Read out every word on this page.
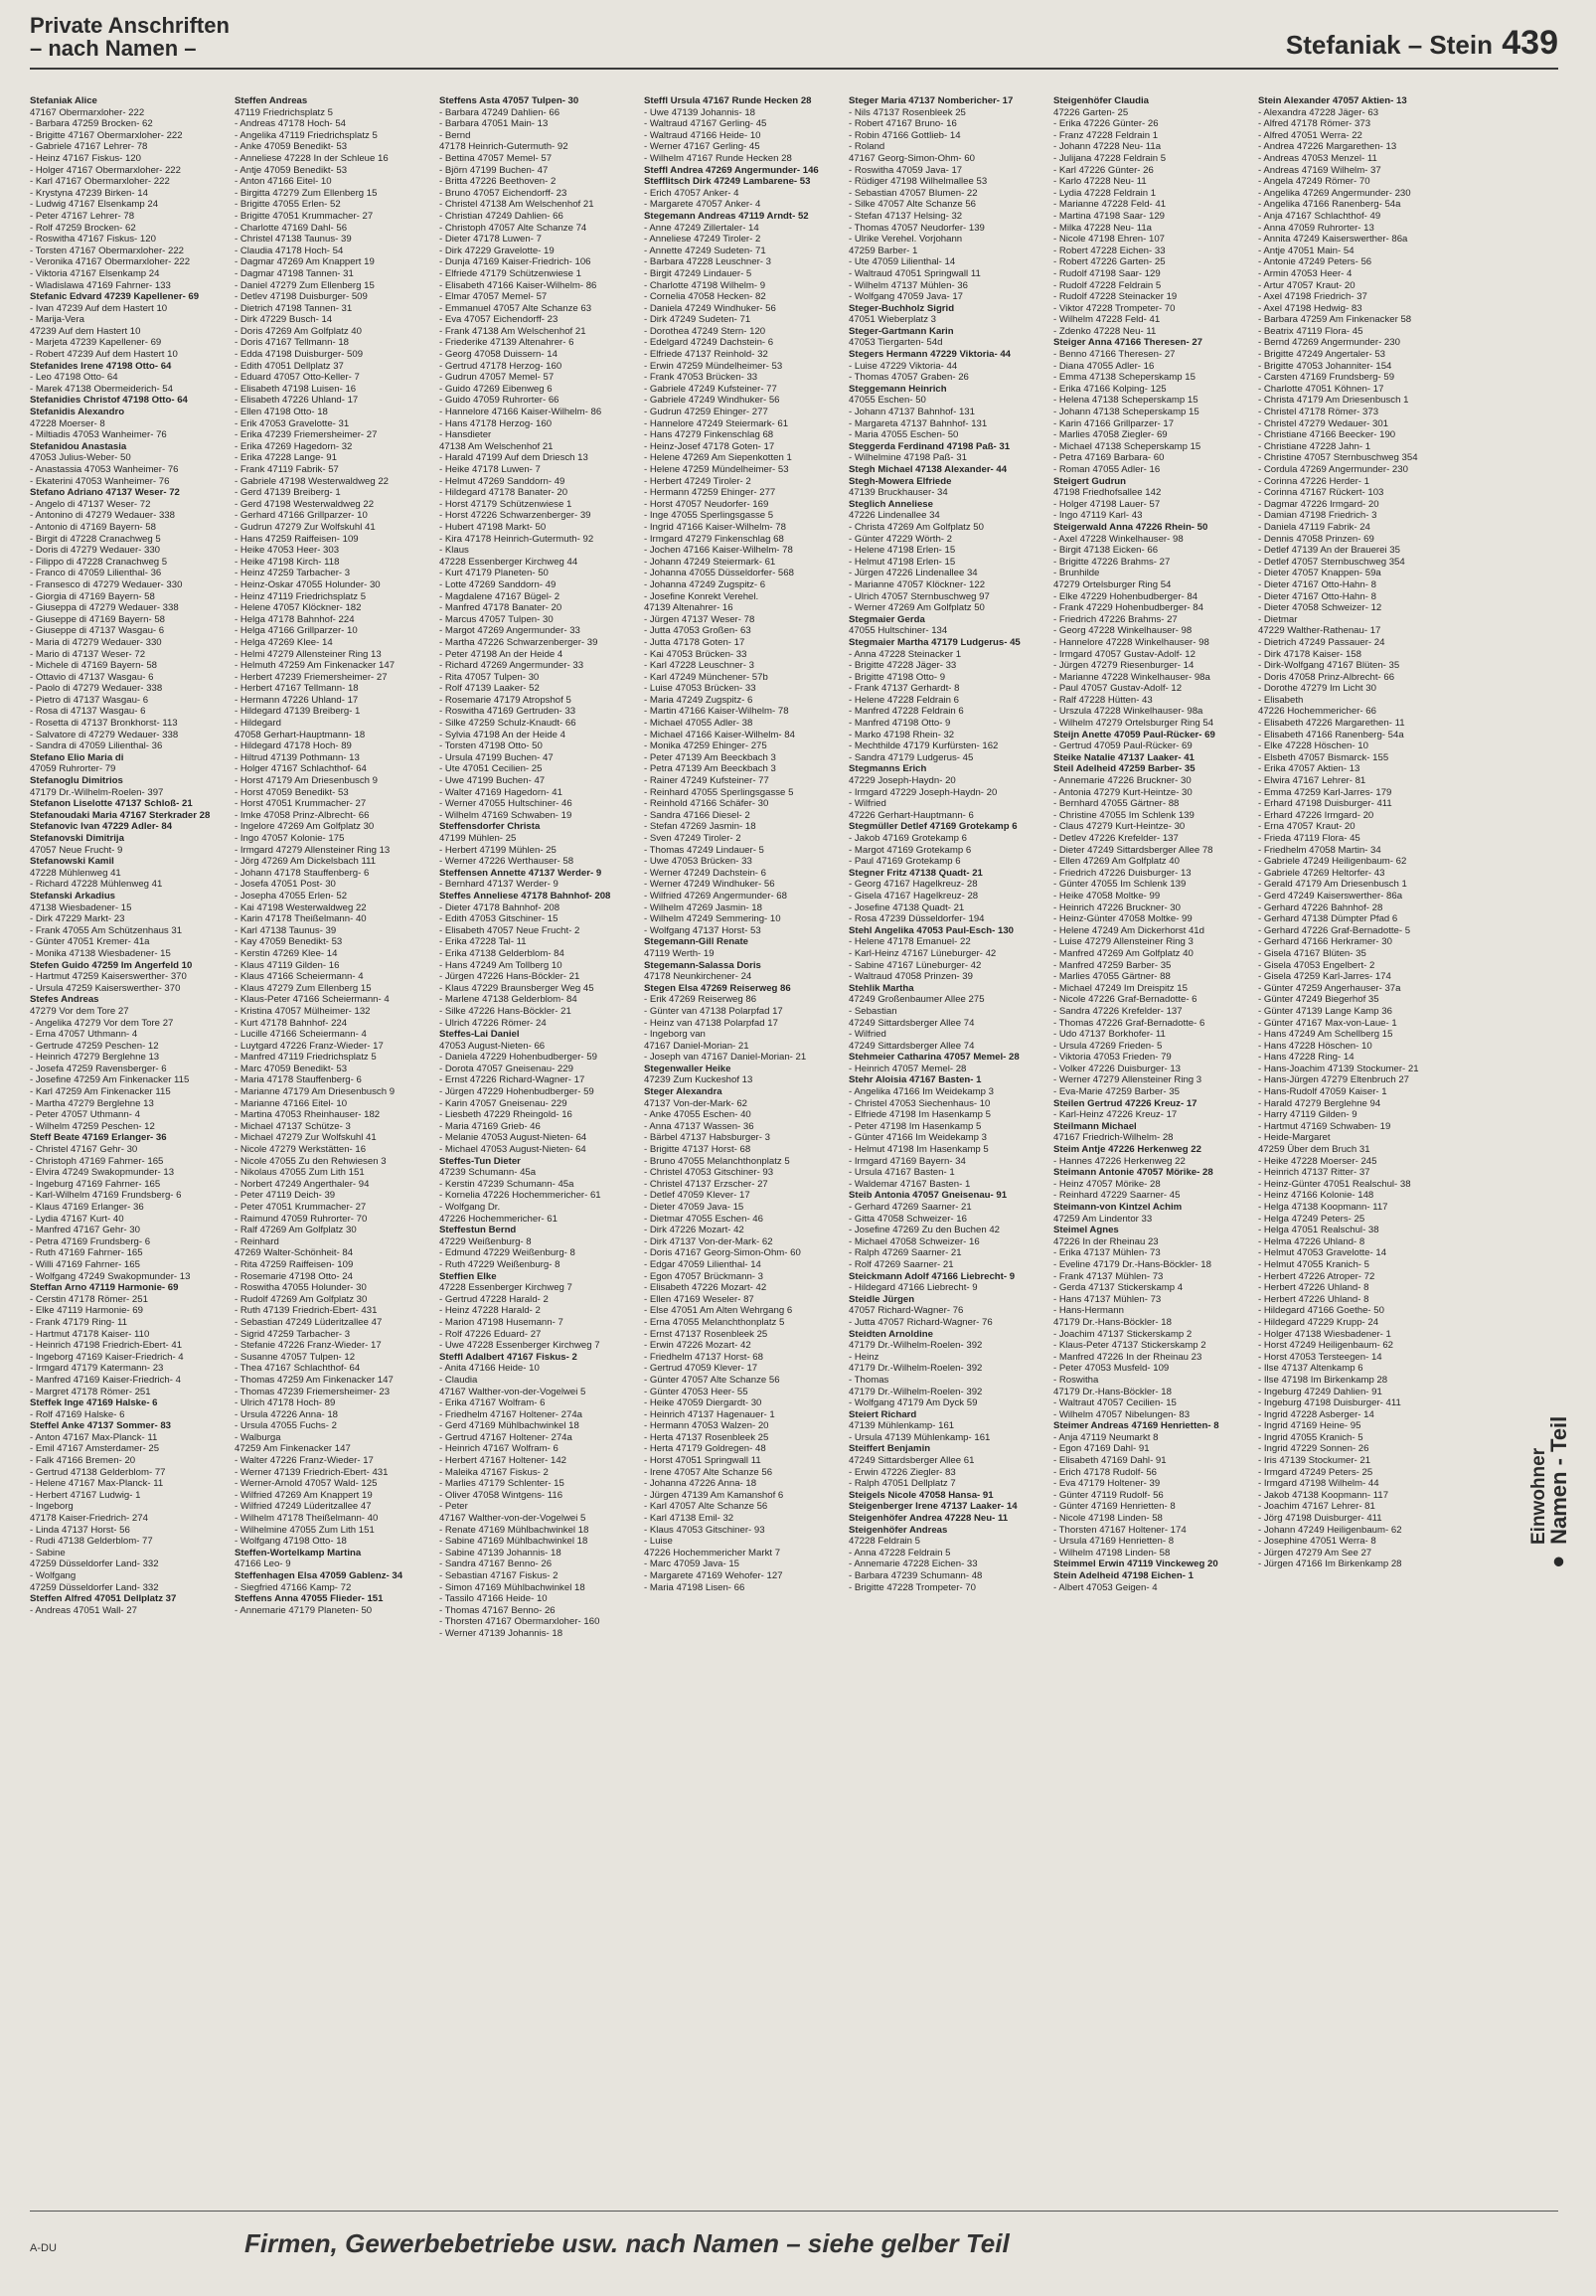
Private Anschriften
– nach Namen –	Stefaniak – Stein 439
Stefaniak Alice
47167 Obermarxloher- 222
- Barbara 47259 Brocken- 62
- Brigitte 47167 Obermarxloher- 222
- Gabriele 47167 Lehrer- 78
- Heinz 47167 Fiskus- 120
- Holger 47167 Obermarxloher- 222
- Karl 47167 Obermarxloher- 222
- Krystyna 47239 Birken- 14
- Ludwig 47167 Elsenkamp 24
- Peter 47167 Lehrer- 78
- Rolf 47259 Brocken- 62
- Roswitha 47167 Fiskus- 120
- Torsten 47167 Obermarxloher- 222
- Veronika 47167 Obermarxloher- 222
- Viktoria 47167 Elsenkamp 24
- Wladislawa 47169 Fahrner- 133
Stefanic Edvard 47239 Kapellener- 69
- Ivan 47239 Auf dem Hastert 10
- Marija-Vera
47239 Auf dem Hastert 10
- Marjeta 47239 Kapellener- 69
- Robert 47239 Auf dem Hastert 10
Stefanides Irene 47198 Otto- 64
- Leo 47198 Otto- 64
- Marek 47138 Obermeiderich- 54
Stefanidies Christof 47198 Otto- 64
Stefanidis Alexandro
47228 Moerser- 8
- Miltiadis 47053 Wanheimer- 76
Stefanidou Anastasia
47053 Julius-Weber- 50
- Anastassia 47053 Wanheimer- 76
- Ekaterini 47053 Wanheimer- 76
Stefano Adriano 47137 Weser- 72
- Angelo di 47137 Weser- 72
- Antonino di 47279 Wedauer- 338
- Antonio di 47169 Bayern- 58
- Birgit di 47228 Cranachweg 5
- Doris di 47279 Wedauer- 330
- Filippo di 47228 Cranachweg 5
- Franco di 47059 Lilienthal- 36
- Fransesco di 47279 Wedauer- 330
- Giorgia di 47169 Bayern- 58
- Giuseppa di 47279 Wedauer- 338
- Giuseppe di 47169 Bayern- 58
- Giuseppe di 47137 Wasgau- 6
- Maria di 47279 Wedauer- 330
- Mario di 47137 Weser- 72
- Michele di 47169 Bayern- 58
- Ottavio di 47137 Wasgau- 6
- Paolo di 47279 Wedauer- 338
- Pietro di 47137 Wasgau- 6
- Rosa di 47137 Wasgau- 6
- Rosetta di 47137 Bronkhorst- 113
- Salvatore di 47279 Wedauer- 338
- Sandra di 47059 Lilienthal- 36
Stefano Elio Maria di
47059 Ruhrorter- 79
Stefanoglu Dimitrios
47179 Dr.-Wilhelm-Roelen- 397
Stefanon Liselotte 47137 Schloß- 21
Stefanoudaki Maria 47167 Sterkrader 28
Stefanovic Ivan 47229 Adler- 84
Stefanovski Dimitrija
47057 Neue Frucht- 9
Stefanowski Kamil
47228 Mühlenweg 41
- Richard 47228 Mühlenweg 41
Stefanski Arkadius
47138 Wiesbadener- 15
- Dirk 47229 Markt- 23
- Frank 47055 Am Schützenhaus 31
- Günter 47051 Kremer- 41a
- Monika 47138 Wiesbadener- 15
Stefen Guido 47259 Im Angerfeld 10
- Hartmut 47259 Kaiserswerther- 370
- Ursula 47259 Kaiserswerther- 370
Stefes Andreas
47279 Vor dem Tore 27
- Angelika 47279 Vor dem Tore 27
- Erna 47057 Uthmann- 4
- Gertrude 47259 Peschen- 12
- Heinrich 47279 Berglehne 13
- Josefa 47259 Ravensberger- 6
- Josefine 47259 Am Finkenacker 115
- Karl 47259 Am Finkenacker 115
- Martha 47279 Berglehne 13
- Peter 47057 Uthmann- 4
- Wilhelm 47259 Peschen- 12
Steff Beate 47169 Erlanger- 36
- Christel 47167 Gehr- 30
- Christoph 47169 Fahrner- 165
- Elvira 47249 Swakopmunder- 13
- Ingeburg 47169 Fahrner- 165
- Karl-Wilhelm 47169 Frundsberg- 6
- Klaus 47169 Erlanger- 36
- Lydia 47167 Kurt- 40
- Manfred 47167 Gehr- 30
- Petra 47169 Frundsberg- 6
- Ruth 47169 Fahrner- 165
- Willi 47169 Fahrner- 165
- Wolfgang 47249 Swakopmunder- 13
Steffan Arno 47119 Harmonie- 69
- Cerstin 47178 Römer- 251
- Elke 47119 Harmonie- 69
- Frank 47179 Ring- 11
- Hartmut 47178 Kaiser- 110
- Heinrich 47198 Friedrich-Ebert- 41
- Ingeborg 47169 Kaiser-Friedrich- 4
- Irmgard 47179 Katermann- 23
- Manfred 47169 Kaiser-Friedrich- 4
- Margret 47178 Römer- 251
Steffek Inge 47169 Halske- 6
- Rolf 47169 Halske- 6
Steffel Anke 47137 Sommer- 83
- Anton 47167 Max-Planck- 11
- Emil 47167 Amsterdamer- 25
- Falk 47166 Bremen- 20
- Gertrud 47138 Gelderblom- 77
- Helene 47167 Max-Planck- 11
- Herbert 47167 Ludwig- 1
- Ingeborg
47178 Kaiser-Friedrich- 274
- Linda 47137 Horst- 56
- Rudi 47138 Gelderblom- 77
- Sabine
47259 Düsseldorfer Land- 332
- Wolfgang
47259 Düsseldorfer Land- 332
Steffen Alfred 47051 Dellplatz 37
- Andreas 47051 Wall- 27
Steffen Andreas
47119 Friedrichsplatz 5
- Andreas 47178 Hoch- 54
- Angelika 47119 Friedrichsplatz 5
- Anke 47059 Benedikt- 53
- Anneliese 47228 In der Schleue 16
- Antje 47059 Benedikt- 53
- Anton 47166 Eitel- 10
- Birgitta 47279 Zum Ellenberg 15
- Brigitte 47055 Erlen- 52
- Brigitte 47051 Krummacher- 27
- Charlotte 47169 Dahl- 56
- Christel 47138 Taunus- 39
- Claudia 47178 Hoch- 54
- Dagmar 47269 Am Knappert 19
- Dagmar 47198 Tannen- 31
- Daniel 47279 Zum Ellenberg 15
- Detlev 47198 Duisburger- 509
- Dietrich 47198 Tannen- 31
- Dirk 47229 Busch- 14
- Doris 47269 Am Golfplatz 40
- Doris 47167 Tellmann- 18
- Edda 47198 Duisburger- 509
- Edith 47051 Dellplatz 37
- Eduard 47057 Otto-Keller- 7
- Elisabeth 47198 Luisen- 16
- Elisabeth 47226 Uhland- 17
- Ellen 47198 Otto- 18
- Erik 47053 Gravelotte- 31
- Erika 47239 Friemersheimer- 27
- Erika 47269 Hagedorn- 32
- Erika 47228 Lange- 91
- Frank 47119 Fabrik- 57
- Gabriele 47198 Westerwaldweg 22
- Gerd 47139 Breiberg- 1
- Gerd 47198 Westerwaldweg 22
- Gerhard 47166 Grillparzer- 10
- Gudrun 47279 Zur Wolfskuhl 41
- Hans 47259 Raiffeisen- 109
- Heike 47053 Heer- 303
- Heike 47198 Kirch- 118
- Heinz 47259 Tarbacher- 3
- Heinz-Oskar 47055 Holunder- 30
- Heinz 47119 Friedrichsplatz 5
- Helene 47057 Klöckner- 182
- Helga 47178 Bahnhof- 224
- Helga 47166 Grillparzer- 10
- Helga 47269 Klee- 14
- Helmi 47279 Allensteiner Ring 13
- Helmuth 47259 Am Finkenacker 147
- Herbert 47239 Friemersheimer- 27
- Herbert 47167 Tellmann- 18
- Hermann 47226 Uhland- 17
- Hildegard 47139 Breiberg- 1
- Hildegard
47058 Gerhart-Hauptmann- 18
- Hildegard 47178 Hoch- 89
- Hiltrud 47139 Pothmann- 13
- Holger 47167 Schlachthof- 64
- Horst 47179 Am Driesenbusch 9
- Horst 47059 Benedikt- 53
- Horst 47051 Krummacher- 27
- Imke 47058 Prinz-Albrecht- 66
- Ingelore 47269 Am Golfplatz 30
- Ingo 47057 Kolonie- 175
- Irmgard 47279 Allensteiner Ring 13
- Jörg 47269 Am Dickelsbach 111
- Johann 47178 Stauffenberg- 6
- Josefa 47051 Post- 30
- Josepha 47055 Erlen- 52
- Kai 47198 Westerwaldweg 22
- Karin 47178 Theißelmann- 40
- Karl 47138 Taunus- 39
- Kay 47059 Benedikt- 53
- Kerstin 47269 Klee- 14
- Klaus 47119 Gilden- 16
- Klaus 47166 Scheiermann- 4
- Klaus 47279 Zum Ellenberg 15
- Klaus-Peter 47166 Scheiermann- 4
- Kristina 47057 Mülheimer- 132
- Kurt 47178 Bahnhof- 224
- Lucille 47166 Scheiermann- 4
- Luytgard 47226 Franz-Wieder- 17
- Manfred 47119 Friedrichsplatz 5
- Marc 47059 Benedikt- 53
- Maria 47178 Stauffenberg- 6
- Marianne 47179 Am Driesenbusch 9
- Marianne 47166 Eitel- 10
- Martina 47053 Rheinhauser- 182
- Michael 47137 Schütze- 3
- Michael 47279 Zur Wolfskuhl 41
- Nicole 47279 Werkstätten- 16
- Nicole 47055 Zu den Rehwiesen 3
- Nikolaus 47055 Zum Lith 151
- Norbert 47249 Angerthaler- 94
- Peter 47119 Deich- 39
- Peter 47051 Krummacher- 27
- Raimund 47059 Ruhrorter- 70
- Ralf 47269 Am Golfplatz 30
- Reinhard
47269 Walter-Schönheit- 84
- Rita 47259 Raiffeisen- 109
- Rosemarie 47198 Otto- 24
- Roswitha 47055 Holunder- 30
- Rudolf 47269 Am Golfplatz 30
- Ruth 47139 Friedrich-Ebert- 431
- Sebastian 47249 Lüderitzallee 47
- Sigrid 47259 Tarbacher- 3
- Stefanie 47226 Franz-Wieder- 17
- Susanne 47057 Tulpen- 12
- Thea 47167 Schlachthof- 64
- Thomas 47259 Am Finkenacker 147
- Thomas 47239 Friemersheimer- 23
- Ulrich 47178 Hoch- 89
- Ursula 47226 Anna- 18
- Ursula 47055 Fuchs- 2
- Walburga
47259 Am Finkenacker 147
- Walter 47226 Franz-Wieder- 17
- Werner 47139 Friedrich-Ebert- 431
- Werner-Arnold 47057 Wald- 125
- Wilfried 47269 Am Knappert 19
- Wilfried 47249 Lüderitzallee 47
- Wilhelm 47178 Theißelmann- 40
- Wilhelmine 47055 Zum Lith 151
- Wolfgang 47198 Otto- 18
Steffen-Wortelkamp Martina
47166 Leo- 9
Steffenhagen Elsa 47059 Gablenz- 34
- Siegfried 47166 Kamp- 72
Steffens Anna 47055 Flieder- 151
- Annemarie 47179 Planeten- 50
Steffens Asta 47057 Tulpen- 30
- Barbara 47249 Dahlien- 66
- Barbara 47051 Main- 13
- Bernd
47178 Heinrich-Gutermuth- 92
- Bettina 47057 Memel- 57
- Björn 47199 Buchen- 47
- Britta 47226 Beethoven- 2
- Bruno 47057 Eichendorff- 23
- Christel 47138 Am Welschenhof 21
- Christian 47249 Dahlien- 66
- Christoph 47057 Alte Schanze 74
- Dieter 47178 Luwen- 7
- Dirk 47229 Gravelotte- 19
- Dunja 47169 Kaiser-Friedrich- 106
- Elfriede 47179 Schützenwiese 1
- Elisabeth 47166 Kaiser-Wilhelm- 86
- Elmar 47057 Memel- 57
- Emmanuel 47057 Alte Schanze 63
- Eva 47057 Eichendorff- 23
- Frank 47138 Am Welschenhof 21
- Friederike 47139 Altenahrer- 6
- Georg 47058 Duissern- 14
- Gertrud 47178 Herzog- 160
- Gudrun 47057 Memel- 57
- Guido 47269 Eibenweg 6
- Guido 47059 Ruhrorter- 66
- Hannelore 47166 Kaiser-Wilhelm- 86
- Hans 47178 Herzog- 160
- Hansdieter
47138 Am Welschenhof 21
- Harald 47199 Auf dem Driesch 13
- Heike 47178 Luwen- 7
- Helmut 47269 Sanddorn- 49
- Hildegard 47178 Banater- 20
- Horst 47179 Schützenwiese 1
- Horst 47226 Schwarzenberger- 39
- Hubert 47198 Markt- 50
- Kira 47178 Heinrich-Gutermuth- 92
- Klaus
47228 Essenberger Kirchweg 44
- Kurt 47179 Planeten- 50
- Lotte 47269 Sanddorn- 49
- Magdalene 47167 Bügel- 2
- Manfred 47178 Banater- 20
- Marcus 47057 Tulpen- 30
- Margot 47269 Angermunder- 33
- Martha 47226 Schwarzenberger- 39
- Peter 47198 An der Heide 4
- Richard 47269 Angermunder- 33
- Rita 47057 Tulpen- 30
- Rolf 47139 Laaker- 52
- Rosemarie 47179 Atropshof 5
- Roswitha 47169 Gertruden- 33
- Silke 47259 Schulz-Knaudt- 66
- Sylvia 47198 An der Heide 4
- Torsten 47198 Otto- 50
- Ursula 47199 Buchen- 47
- Ute 47051 Cecilien- 25
- Uwe 47199 Buchen- 47
- Walter 47169 Hagedorn- 41
- Werner 47055 Hultschiner- 46
- Wilhelm 47169 Schwaben- 19
Steffensdorfer Christa
47199 Mühlen- 25
- Herbert 47199 Mühlen- 25
- Werner 47226 Werthauser- 58
Steffensen Annette 47137 Werder- 9
- Bernhard 47137 Werder- 9
Steffes Anneliese 47178 Bahnhof- 208
- Dieter 47178 Bahnhof- 208
- Edith 47053 Gitschiner- 15
- Elisabeth 47057 Neue Frucht- 2
- Erika 47228 Tal- 11
- Erika 47138 Gelderblom- 84
- Hans 47249 Am Tollberg 10
- Jürgen 47226 Hans-Böckler- 21
- Klaus 47229 Braunsberger Weg 45
- Marlene 47138 Gelderblom- 84
- Silke 47226 Hans-Böckler- 21
- Ulrich 47226 Römer- 24
Steffes-Lai Daniel
47053 August-Nieten- 66
- Daniela 47229 Hohenbudberger- 59
- Dorota 47057 Gneisenau- 229
- Ernst 47226 Richard-Wagner- 17
- Jürgen 47229 Hohenbudberger- 59
- Karin 47057 Gneisenau- 229
- Liesbeth 47229 Rheingold- 16
- Maria 47169 Grieb- 46
- Melanie 47053 August-Nieten- 64
- Michael 47053 August-Nieten- 64
Steffes-Tun Dieter
47239 Schumann- 45a
- Kerstin 47239 Schumann- 45a
- Kornelia 47226 Hochemmericher- 61
- Wolfgang Dr.
47226 Hochemmericher- 61
Steffestun Bernd
47229 Weißenburg- 8
- Edmund 47229 Weißenburg- 8
- Ruth 47229 Weißenburg- 8
Steffien Elke
47228 Essenberger Kirchweg 7
- Gertrud 47228 Harald- 2
- Heinz 47228 Harald- 2
- Marion 47198 Husemann- 7
- Rolf 47226 Eduard- 27
- Uwe 47228 Essenberger Kirchweg 7
Steffl Adalbert 47167 Fiskus- 2
- Anita 47166 Heide- 10
- Claudia
47167 Walther-von-der-Vogelwei 5
- Erika 47167 Wolfram- 6
- Friedhelm 47167 Holtener- 274a
- Gerd 47169 Mühlbachwinkel 18
- Gertrud 47167 Holtener- 274a
- Heinrich 47167 Wolfram- 6
- Herbert 47167 Holtener- 142
- Maleika 47167 Fiskus- 2
- Marlies 47179 Schlenter- 15
- Oliver 47058 Wintgens- 116
- Peter
47167 Walther-von-der-Vogelwei 5
- Renate 47169 Mühlbachwinkel 18
- Sabine 47169 Mühlbachwinkel 18
- Sabine 47139 Johannis- 18
- Sandra 47167 Benno- 26
- Sebastian 47167 Fiskus- 2
- Simon 47169 Mühlbachwinkel 18
- Tassilo 47166 Heide- 10
- Thomas 47167 Benno- 26
- Thorsten 47167 Obermarxloher- 160
- Werner 47139 Johannis- 18
Steffl Ursula 47167 Runde Hecken 28
- Uwe 47139 Johannis- 18
- Waltraud 47167 Gerling- 45
- Waltraud 47166 Heide- 10
- Werner 47167 Gerling- 45
- Wilhelm 47167 Runde Hecken 28
Steffl Andrea 47269 Angermunder- 146
Stefflitsch Dirk 47249 Lambarene- 53
- Erich 47057 Anker- 4
- Margarete 47057 Anker- 4
Stegemann Andreas 47119 Arndt- 52
- Anne 47249 Zillertaler- 14
- Anneliese 47249 Tiroler- 2
- Annette 47249 Sudeten- 71
- Barbara 47228 Leuschner- 3
- Birgit 47249 Lindauer- 5
- Charlotte 47198 Wilhelm- 9
- Cornelia 47058 Hecken- 82
- Daniela 47249 Windhuker- 56
- Dirk 47249 Sudeten- 71
- Dorothea 47249 Stern- 120
- Edelgard 47249 Dachstein- 6
- Elfriede 47137 Reinhold- 32
- Erwin 47259 Mündelheimer- 53
- Frank 47053 Brücken- 33
- Gabriele 47249 Kufsteiner- 77
- Gabriele 47249 Windhuker- 56
- Gudrun 47259 Ehinger- 277
- Hannelore 47249 Steiermark- 61
- Hans 47279 Finkenschlag 68
- Heinz-Josef 47178 Goten- 17
- Helene 47269 Am Siepenkotten 1
- Helene 47259 Mündelheimer- 53
- Herbert 47249 Tiroler- 2
- Hermann 47259 Ehinger- 277
- Horst 47057 Neudorfer- 169
- Inge 47055 Sperlingsgasse 5
- Ingrid 47166 Kaiser-Wilhelm- 78
- Irmgard 47279 Finkenschlag 68
- Jochen 47166 Kaiser-Wilhelm- 78
- Johann 47249 Steiermark- 61
- Johanna 47055 Düsseldorfer- 568
- Johanna 47249 Zugspitz- 6
- Josefine Konrekt Verehel.
47139 Altenahrer- 16
- Jürgen 47137 Weser- 78
- Jutta 47053 Großen- 63
- Jutta 47178 Goten- 17
- Kai 47053 Brücken- 33
- Karl 47228 Leuschner- 3
- Karl 47249 Münchener- 57b
- Luise 47053 Brücken- 33
- Maria 47249 Zugspitz- 6
- Martin 47166 Kaiser-Wilhelm- 78
- Michael 47055 Adler- 38
- Michael 47166 Kaiser-Wilhelm- 84
- Monika 47259 Ehinger- 275
- Peter 47139 Am Beeckbach 3
- Petra 47139 Am Beeckbach 3
- Rainer 47249 Kufsteiner- 77
- Reinhard 47055 Sperlingsgasse 5
- Reinhold 47166 Schäfer- 30
- Sandra 47166 Diesel- 2
- Stefan 47269 Jasmin- 18
- Sven 47249 Tiroler- 2
- Thomas 47249 Lindauer- 5
- Uwe 47053 Brücken- 33
- Werner 47249 Dachstein- 6
- Werner 47249 Windhuker- 56
- Wilfried 47269 Angermunder- 68
- Wilhelm 47269 Jasmin- 18
- Wilhelm 47249 Semmering- 10
- Wolfgang 47137 Horst- 53
Stegemann-Gill Renate
47119 Werth- 19
Stegemann-Salassa Doris
47178 Neunkirchener- 24
Stegen Elsa 47269 Reiserweg 86
- Erik 47269 Reiserweg 86
- Günter van 47138 Polarpfad 17
- Heinz van 47138 Polarpfad 17
- Ingeborg van
47167 Daniel-Morian- 21
- Joseph van 47167 Daniel-Morian- 21
Stegenwaller Heike
47239 Zum Kuckeshof 13
Steger Alexandra
47137 Von-der-Mark- 62
- Anke 47055 Eschen- 40
- Anna 47137 Wassen- 36
- Bärbel 47137 Habsburger- 3
- Brigitte 47137 Horst- 68
- Bruno 47055 Melanchthonplatz 5
- Christel 47053 Gitschiner- 93
- Christel 47137 Erzscher- 27
- Detlef 47059 Klever- 17
- Dieter 47059 Java- 15
- Dietmar 47055 Eschen- 46
- Dirk 47226 Mozart- 42
- Dirk 47137 Von-der-Mark- 62
- Doris 47167 Georg-Simon-Ohm- 60
- Edgar 47059 Lilienthal- 14
- Egon 47057 Brückmann- 3
- Elisabeth 47226 Mozart- 42
- Ellen 47169 Weseler- 87
- Else 47051 Am Alten Wehrgang 6
- Erna 47055 Melanchthonplatz 5
- Ernst 47137 Rosenbleek 25
- Erwin 47226 Mozart- 42
- Friedhelm 47137 Horst- 68
- Gertrud 47059 Klever- 17
- Günter 47057 Alte Schanze 56
- Günter 47053 Heer- 55
- Heike 47059 Diergardt- 30
- Heinrich 47137 Hagenauer- 1
- Hermann 47053 Walzen- 20
- Herta 47137 Rosenbleek 25
- Herta 47179 Goldregen- 48
- Horst 47051 Springwall 11
- Irene 47057 Alte Schanze 56
- Johanna 47226 Anna- 18
- Jürgen 47139 Am Kamanshof 6
- Karl 47057 Alte Schanze 56
- Karl 47138 Emil- 32
- Klaus 47053 Gitschiner- 93
- Luise
47226 Hochemmericher Markt 7
- Marc 47059 Java- 15
- Margarete 47169 Wehofer- 127
- Maria 47198 Lisen- 66
Steger Maria 47137 Nombericher- 17
- Nils 47137 Rosenbleek 25
- Robert 47167 Bruno- 16
- Robin 47166 Gottlieb- 14
- Roland
47167 Georg-Simon-Ohm- 60
- Roswitha 47059 Java- 17
- Rüdiger 47198 Wilhelmallee 53
- Sebastian 47057 Blumen- 22
- Silke 47057 Alte Schanze 56
- Stefan 47137 Helsing- 32
- Thomas 47057 Neudorfer- 139
- Ulrike Verehel. Vorjohann
47259 Barber- 1
- Ute 47059 Lilienthal- 14
- Waltraud 47051 Springwall 11
- Wilhelm 47137 Mühlen- 36
- Wolfgang 47059 Java- 17
Steger-Buchholz Sigrid
47051 Wieberplatz 3
Steger-Gartmann Karin
47053 Tiergarten- 54d
Stegers Hermann 47229 Viktoria- 44
- Luise 47229 Viktoria- 44
- Thomas 47057 Graben- 26
Steggemann Heinrich
47055 Eschen- 50
- Johann 47137 Bahnhof- 131
- Margareta 47137 Bahnhof- 131
- Maria 47055 Eschen- 50
Steggerda Ferdinand 47198 Paß- 31
- Wilhelmine 47198 Paß- 31
Stegh Michael 47138 Alexander- 44
Stegh-Mowera Elfriede
47139 Bruckhauser- 34
Steglich Anneliese
47226 Lindenallee 34
- Christa 47269 Am Golfplatz 50
- Günter 47229 Wörth- 2
- Helene 47198 Erlen- 15
- Helmut 47198 Erlen- 15
- Jürgen 47226 Lindenallee 34
- Marianne 47057 Klöckner- 122
- Ulrich 47057 Sternbuschweg 97
- Werner 47269 Am Golfplatz 50
Stegmaier Gerda
47055 Hultschiner- 134
Stegmaier Martha 47179 Ludgerus- 45
- Anna 47228 Steinacker 1
- Brigitte 47228 Jäger- 33
- Brigitte 47198 Otto- 9
- Frank 47137 Gerhardt- 8
- Helene 47228 Feldrain 6
- Manfred 47228 Feldrain 6
- Manfred 47198 Otto- 9
- Marko 47198 Rhein- 32
- Mechthilde 47179 Kurfürsten- 162
- Sandra 47179 Ludgerus- 45
Stegmanns Erich
47229 Joseph-Haydn- 20
- Irmgard 47229 Joseph-Haydn- 20
- Wilfried
47226 Gerhart-Hauptmann- 6
Stegmüller Detlef 47169 Grotekamp 6
- Jakob 47169 Grotekamp 6
- Margot 47169 Grotekamp 6
- Paul 47169 Grotekamp 6
Stegner Fritz 47138 Quadt- 21
- Georg 47167 Hagelkreuz- 28
- Gisela 47167 Hagelkreuz- 28
- Josefine 47138 Quadt- 21
- Rosa 47239 Düsseldorfer- 194
Stehl Angelika 47053 Paul-Esch- 130
- Helene 47178 Emanuel- 22
- Karl-Heinz 47167 Lüneburger- 42
- Sabine 47167 Lüneburger- 42
- Waltraud 47058 Prinzen- 39
Stehlik Martha
47249 Großenbaumer Allee 275
- Sebastian
47249 Sittardsberger Allee 74
- Wilfried
47249 Sittardsberger Allee 74
Stehmeier Catharina 47057 Memel- 28
- Heinrich 47057 Memel- 28
Stehr Aloisia 47167 Basten- 1
- Angelika 47166 Im Weidekamp 3
- Christel 47053 Siechenhaus- 10
- Elfriede 47198 Im Hasenkamp 5
- Peter 47198 Im Hasenkamp 5
- Günter 47166 Im Weidekamp 3
- Helmut 47198 Im Hasenkamp 5
- Irmgard 47169 Bayern- 34
- Ursula 47167 Basten- 1
- Waldemar 47167 Basten- 1
Steib Antonia 47057 Gneisenau- 91
- Gerhard 47269 Saarner- 21
- Gitta 47058 Schweizer- 16
- Josefine 47269 Zu den Buchen 42
- Michael 47058 Schweizer- 16
- Ralph 47269 Saarner- 21
- Rolf 47269 Saarner- 21
Steickmann Adolf 47166 Liebrecht- 9
- Hildegard 47166 Liebrecht- 9
Steidle Jürgen
47057 Richard-Wagner- 76
- Jutta 47057 Richard-Wagner- 76
Steidten Arnoldine
47179 Dr.-Wilhelm-Roelen- 392
- Heinz
47179 Dr.-Wilhelm-Roelen- 392
- Thomas
47179 Dr.-Wilhelm-Roelen- 392
- Wolfgang 47179 Am Dyck 59
Steiert Richard
47139 Mühlenkamp- 161
- Ursula 47139 Mühlenkamp- 161
Steiffert Benjamin
47249 Sittardsberger Allee 61
- Erwin 47226 Ziegler- 83
- Ralph 47051 Dellplatz 7
Steigels Nicole 47058 Hansa- 91
Steigenberger Irene 47137 Laaker- 14
Steigenhöfer Andrea 47228 Neu- 11
Steigenhöfer Andreas
47228 Feldrain 5
- Anna 47228 Feldrain 5
- Annemarie 47228 Eichen- 33
- Barbara 47239 Schumann- 48
- Brigitte 47228 Trompeter- 70
Steigenhöfer Claudia
47226 Garten- 25
- Erika 47226 Günter- 26
- Franz 47228 Feldrain 1
- Johann 47228 Neu- 11a
- Julijana 47228 Feldrain 5
- Karl 47226 Günter- 26
- Karlo 47228 Neu- 11
- Lydia 47228 Feldrain 1
- Marianne 47228 Feld- 41
- Martina 47198 Saar- 129
- Milka 47228 Neu- 11a
- Nicole 47198 Ehren- 107
- Robert 47228 Eichen- 33
- Robert 47226 Garten- 25
- Rudolf 47198 Saar- 129
- Rudolf 47228 Feldrain 5
- Rudolf 47228 Steinacker 19
- Viktor 47228 Trompeter- 70
- Wilhelm 47228 Feld- 41
- Zdenko 47228 Neu- 11
Steiger Anna 47166 Theresen- 27
- Benno 47166 Theresen- 27
- Diana 47055 Adler- 16
- Emma 47138 Scheperskamp 15
- Erika 47166 Kolping- 125
- Helena 47138 Scheperskamp 15
- Johann 47138 Scheperskamp 15
- Karin 47166 Grillparzer- 17
- Marlies 47058 Ziegler- 69
- Michael 47138 Scheperskamp 15
- Petra 47169 Barbara- 60
- Roman 47055 Adler- 16
Steigert Gudrun
47198 Friedhofsallee 142
- Holger 47198 Lauer- 57
- Ingo 47119 Karl- 43
Steigerwald Anna 47226 Rhein- 50
- Axel 47228 Winkelhauser- 98
- Birgit 47138 Eicken- 66
- Brigitte 47226 Brahms- 27
- Brunhilde
47279 Ortelsburger Ring 54
- Elke 47229 Hohenbudberger- 84
- Frank 47229 Hohenbudberger- 84
- Friedrich 47226 Brahms- 27
- Georg 47228 Winkelhauser- 98
- Hannelore 47228 Winkelhauser- 98
- Irmgard 47057 Gustav-Adolf- 12
- Jürgen 47279 Riesenburger- 14
- Marianne 47228 Winkelhauser- 98a
- Paul 47057 Gustav-Adolf- 12
- Ralf 47228 Hütten- 43
- Urszula 47228 Winkelhauser- 98a
- Wilhelm 47279 Ortelsburger Ring 54
Steijn Anette 47059 Paul-Rücker- 69
- Gertrud 47059 Paul-Rücker- 69
Steike Natalie 47137 Laaker- 41
Steil Adelheid 47259 Barber- 35
- Annemarie 47226 Bruckner- 30
- Antonia 47279 Kurt-Heintze- 30
- Bernhard 47055 Gärtner- 88
- Christine 47055 Im Schlenk 139
- Claus 47279 Kurt-Heintze- 30
- Detlev 47226 Krefelder- 137
- Dieter 47249 Sittardsberger Allee 78
- Ellen 47269 Am Golfplatz 40
- Friedrich 47226 Duisburger- 13
- Günter 47055 Im Schlenk 139
- Heike 47058 Moltke- 99
- Heinrich 47226 Bruckner- 30
- Heinz-Günter 47058 Moltke- 99
- Helene 47249 Am Dickerhorst 41d
- Luise 47279 Allensteiner Ring 3
- Manfred 47269 Am Golfplatz 40
- Manfred 47259 Barber- 35
- Marlies 47055 Gärtner- 88
- Michael 47249 Im Dreispitz 15
- Nicole 47226 Graf-Bernadotte- 6
- Sandra 47226 Krefelder- 137
- Thomas 47226 Graf-Bernadotte- 6
- Udo 47137 Borkhofer- 11
- Ursula 47269 Frieden- 5
- Viktoria 47053 Frieden- 79
- Volker 47226 Duisburger- 13
- Werner 47279 Allensteiner Ring 3
- Eva-Marie 47259 Barber- 35
Steilen Gertrud 47226 Kreuz- 17
- Karl-Heinz 47226 Kreuz- 17
Steilmann Michael
47167 Friedrich-Wilhelm- 28
Steim Antje 47226 Herkenweg 22
- Hannes 47226 Herkenweg 22
Steimann Antonie 47057 Mörike- 28
- Heinz 47057 Mörike- 28
- Reinhard 47229 Saarner- 45
Steimann-von Kintzel Achim
47259 Am Lindentor 33
Steimel Agnes
47226 In der Rheinau 23
- Erika 47137 Mühlen- 73
- Eveline 47179 Dr.-Hans-Böckler- 18
- Frank 47137 Mühlen- 73
- Gerda 47137 Stickerskamp 4
- Hans 47137 Mühlen- 73
- Hans-Hermann
47179 Dr.-Hans-Böckler- 18
- Joachim 47137 Stickerskamp 2
- Klaus-Peter 47137 Stickerskamp 2
- Manfred 47226 In der Rheinau 23
- Peter 47053 Musfeld- 109
- Roswitha
47179 Dr.-Hans-Böckler- 18
- Waltraut 47057 Cecilien- 15
- Wilhelm 47057 Nibelungen- 83
Steimer Andreas 47169 Henrietten- 8
- Anja 47119 Neumarkt 8
- Egon 47169 Dahl- 91
- Elisabeth 47169 Dahl- 91
- Erich 47178 Rudolf- 56
- Eva 47179 Holtener- 39
- Günter 47119 Rudolf- 56
- Günter 47169 Henrietten- 8
- Nicole 47198 Linden- 58
- Thorsten 47167 Holtener- 174
- Ursula 47169 Henrietten- 8
- Wilhelm 47198 Linden- 58
Steimmel Erwin 47119 Vinckeweg 20
Stein Adelheid 47198 Eichen- 1
- Albert 47053 Geigen- 4
Stein Alexander 47057 Aktien- 13
- Alexandra 47228 Jäger- 63
- Alfred 47178 Römer- 373
- Alfred 47051 Werra- 22
- Andrea 47226 Margarethen- 13
- Andreas 47053 Menzel- 11
- Andreas 47169 Wilhelm- 37
- Angela 47249 Römer- 70
- Angelika 47269 Angermunder- 230
- Angelika 47166 Ranenberg- 54a
- Anja 47167 Schlachthof- 49
- Anna 47059 Ruhrorter- 13
- Annita 47249 Kaiserswerther- 86a
- Antje 47051 Main- 54
- Antonie 47249 Peters- 56
- Armin 47053 Heer- 4
- Artur 47057 Kraut- 20
- Axel 47198 Friedrich- 37
- Axel 47198 Hedwig- 83
- Barbara 47259 Am Finkenacker 58
- Beatrix 47119 Flora- 45
- Bernd 47269 Angermunder- 230
- Brigitte 47249 Angertaler- 53
- Brigitte 47053 Johanniter- 154
- Carsten 47169 Frundsberg- 59
- Charlotte 47051 Köhnen- 17
- Christa 47179 Am Driesenbusch 1
- Christel 47178 Römer- 373
- Christel 47279 Wedauer- 301
- Christiane 47166 Beecker- 190
- Christiane 47228 Jahn- 1
- Christine 47057 Sternbuschweg 354
- Cordula 47269 Angermunder- 230
- Corinna 47226 Herder- 1
- Corinna 47167 Rückert- 103
- Dagmar 47226 Irmgard- 20
- Damian 47198 Friedrich- 3
- Daniela 47119 Fabrik- 24
- Dennis 47058 Prinzen- 69
- Detlef 47139 An der Brauerei 35
- Detlef 47057 Sternbuschweg 354
- Dieter 47057 Knappen- 59a
- Dieter 47167 Otto-Hahn- 8
- Dieter 47167 Otto-Hahn- 8
- Dieter 47058 Schweizer- 12
- Dietmar
47229 Walther-Rathenau- 17
- Dietrich 47249 Passauer- 24
- Dirk 47178 Kaiser- 158
- Dirk-Wolfgang 47167 Blüten- 35
- Doris 47058 Prinz-Albrecht- 66
- Dorothe 47279 Im Licht 30
- Elisabeth
47226 Hochemmericher- 66
- Elisabeth 47226 Margarethen- 11
- Elisabeth 47166 Ranenberg- 54a
- Elke 47228 Höschen- 10
- Elsbeth 47057 Bismarck- 155
- Erika 47057 Aktien- 13
- Elwira 47167 Lehrer- 81
- Emma 47259 Karl-Jarres- 179
- Erhard 47198 Duisburger- 411
- Erhard 47226 Irmgard- 20
- Erna 47057 Kraut- 20
- Frieda 47119 Flora- 45
- Friedhelm 47058 Martin- 34
- Gabriele 47249 Heiligenbaum- 62
- Gabriele 47269 Heltorfer- 43
- Gerald 47179 Am Driesenbusch 1
- Gerd 47249 Kaiserswerther- 86a
- Gerhard 47226 Bahnhof- 28
- Gerhard 47138 Dümpter Pfad 6
- Gerhard 47226 Graf-Bernadotte- 5
- Gerhard 47166 Herkramer- 30
- Gisela 47167 Blüten- 35
- Gisela 47053 Engelbert- 2
- Gisela 47259 Karl-Jarres- 174
- Günter 47259 Angerhauser- 37a
- Günter 47249 Biegerhof 35
- Günter 47139 Lange Kamp 36
- Günter 47167 Max-von-Laue- 1
- Hans 47249 Am Schellberg 15
- Hans 47228 Höschen- 10
- Hans 47228 Ring- 14
- Hans-Joachim 47139 Stockumer- 21
- Hans-Jürgen 47279 Eltenbruch 27
- Hans-Rudolf 47059 Kaiser- 1
- Harald 47279 Berglehne 94
- Harry 47119 Gilden- 9
- Hartmut 47169 Schwaben- 19
- Heide-Margaret
47259 Über dem Bruch 31
- Heike 47228 Moerser- 245
- Heinrich 47137 Ritter- 37
- Heinz-Günter 47051 Realschul- 38
- Heinz 47166 Kolonie- 148
- Helga 47138 Koopmann- 117
- Helga 47249 Peters- 25
- Helga 47051 Realschul- 38
- Helma 47226 Uhland- 8
- Helmut 47053 Gravelotte- 14
- Helmut 47055 Kranich- 5
- Herbert 47226 Atroper- 72
- Herbert 47226 Uhland- 8
- Herbert 47226 Uhland- 8
- Hildegard 47166 Goethe- 50
- Hildegard 47229 Krupp- 24
- Holger 47138 Wiesbadener- 1
- Horst 47249 Heiligenbaum- 62
- Horst 47053 Tersteegen- 14
- Ilse 47137 Altenkamp 6
- Ilse 47198 Im Birkenkamp 28
- Ingeburg 47249 Dahlien- 91
- Ingeburg 47198 Duisburger- 411
- Ingrid 47228 Asberger- 14
- Ingrid 47169 Heine- 95
- Ingrid 47055 Kranich- 5
- Ingrid 47229 Sonnen- 26
- Iris 47139 Stockumer- 21
- Irmgard 47249 Peters- 25
- Irmgard 47198 Wilhelm- 44
- Jakob 47138 Koopmann- 117
- Joachim 47167 Lehrer- 81
- Jörg 47198 Duisburger- 411
- Johann 47249 Heiligenbaum- 62
- Josephine 47051 Werra- 8
- Jürgen 47279 Am See 27
- Jürgen 47166 Im Birkenkamp 28
Einwohner
● Namen - Teil
A-DU	Firmen, Gewerbebetriebe usw. nach Namen – siehe gelber Teil
